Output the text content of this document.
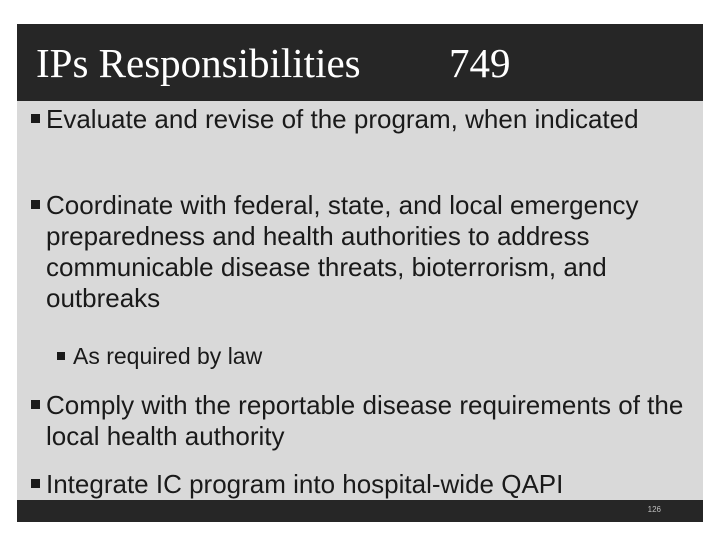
IPs Responsibilities 749
Evaluate and revise of the program, when indicated
Coordinate with federal, state, and local emergency preparedness and health authorities to address communicable disease threats, bioterrorism, and outbreaks
As required by law
Comply with the reportable disease requirements of the local health authority
Integrate IC program into hospital-wide QAPI
126
